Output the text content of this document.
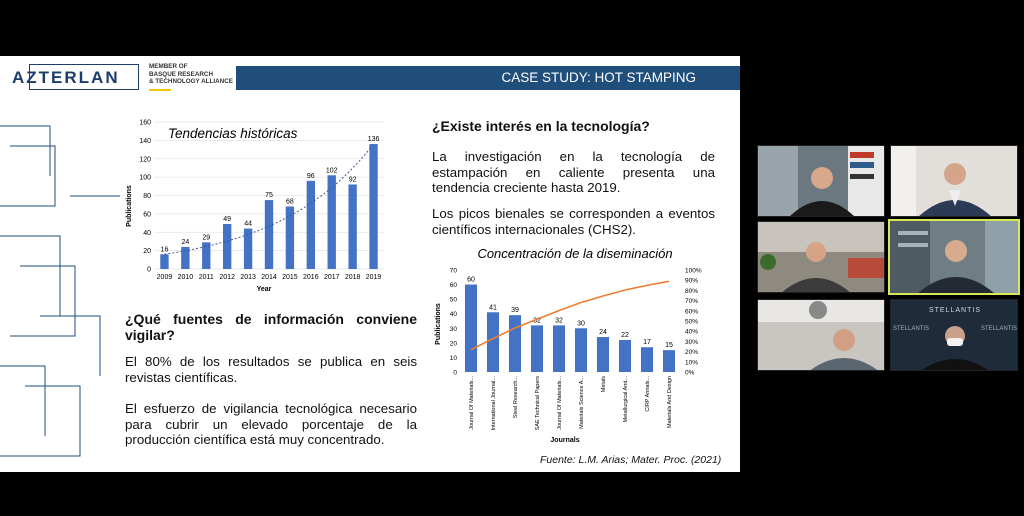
AZTERLAN
MEMBER OF
BASQUE RESEARCH
& TECHNOLOGY ALLIANCE	CASE STUDY: HOT STAMPING
16
24
29
49
44
75
68
96
102
92
136
0
20
40
60
80
100
120
140
160
2009 2010 2011 2012 2013 2014 2015 2016 2017 2018 2019
Tendencias históricas
Year
Publications
¿Qué fuentes de información conviene vigilar?
El 80% de los resultados se publica en seis revistas científicas.
El esfuerzo de vigilancia tecnológica necesario para cubrir un elevado porcentaje de la producción científica está muy concentrado.
¿Existe interés en la tecnología?
La investigación en la tecnología de estampación en caliente presenta una tendencia creciente hasta 2019.
Los picos bienales se corresponden a eventos científicos internacionales (CHS2).
60
41 39
32 32 30
24 22
17 15
0
10
20
30
40
50
60
70
0%
10%
20%
30%
40%
50%
60%
70%
80%
90%
100%
Journal Of Materials...	International Journal...	Steel Research...	SAE Technical Papers	Journal Of Materials...	Materials Science A...	Metals	Metallurgical And...	CIRP Annals...	Materials And Design
Concentración de la diseminación
Journals
Publications
Fuente: L.M. Arias; Mater. Proc. (2021)
STELLANTIS
STELLANTIS	STELLANTIS
